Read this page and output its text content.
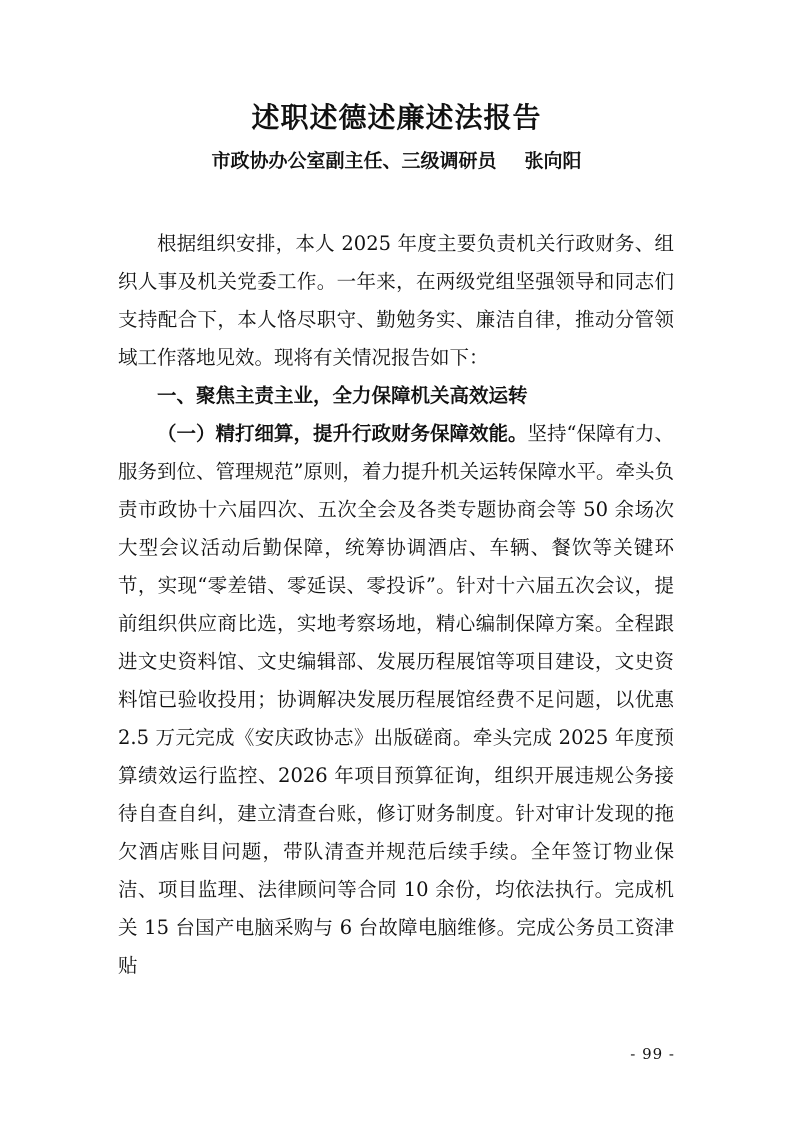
述职述德述廉述法报告
市政协办公室副主任、三级调研员 张向阳

根据组织安排，本人 2025 年度主要负责机关行政财务、组织人事及机关党委工作。一年来，在两级党组坚强领导和同志们支持配合下，本人恪尽职守、勤勉务实、廉洁自律，推动分管领域工作落地见效。现将有关情况报告如下：

一、聚焦主责主业，全力保障机关高效运转

（一）精打细算，提升行政财务保障效能。坚持“保障有力、服务到位、管理规范”原则，着力提升机关运转保障水平。牵头负责市政协十六届四次、五次全会及各类专题协商会等 50 余场次大型会议活动后勤保障，统筹协调酒店、车辆、餐饮等关键环节，实现“零差错、零延误、零投诉”。针对十六届五次会议，提前组织供应商比选，实地考察场地，精心编制保障方案。全程跟进文史资料馆、文史编辑部、发展历程展馆等项目建设，文史资料馆已验收投用；协调解决发展历程展馆经费不足问题，以优惠 2.5 万元完成《安庆政协志》出版磋商。牵头完成 2025 年度预算绩效运行监控、2026 年项目预算征询，组织开展违规公务接待自查自纠，建立清查台账，修订财务制度。针对审计发现的拖欠酒店账目问题，带队清查并规范后续手续。全年签订物业保洁、项目监理、法律顾问等合同 10 余份，均依法执行。完成机关 15 台国产电脑采购与 6 台故障电脑维修。完成公务员工资津贴

- 99 -
